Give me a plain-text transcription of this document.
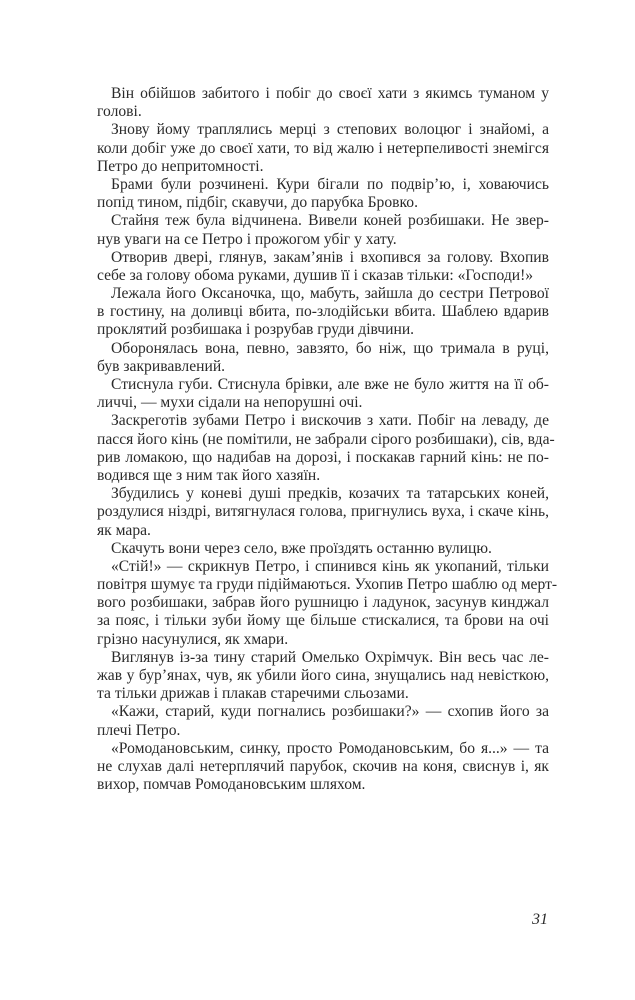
Він обійшов забитого і побіг до своєї хати з якимсь туманом у
голові.
Знову йому траплялись мерці з степових волоцюг і знайомі, а
коли добіг уже до своєї хати, то від жалю і нетерпеливості знемігся
Петро до непритомності.
Брами були розчинені. Кури бігали по подвір’ю, і, ховаючись
попід тином, підбіг, скавучи, до парубка Бровко.
Стайня теж була відчинена. Вивели коней розбишаки. Не звер-
нув уваги на се Петро і прожогом убіг у хату.
Отворив двері, глянув, закам’янів і вхопився за голову. Вхопив
себе за голову обома руками, душив її і сказав тільки: «Господи!»
Лежала його Оксаночка, що, мабуть, зайшла до сестри Петрової
в гостину, на доливці вбита, по-злодійськи вбита. Шаблею вдарив
проклятий розбишака і розрубав груди дівчини.
Оборонялась вона, певно, завзято, бо ніж, що тримала в руці,
був закривавлений.
Стиснула губи. Стиснула брівки, але вже не було життя на її об-
личчі, — мухи сідали на непорушні очі.
Заскреготів зубами Петро і вискочив з хати. Побіг на леваду, де
пасся його кінь (не помітили, не забрали сірого розбишаки), сів, вда-
рив ломакою, що надибав на дорозі, і поскакав гарний кінь: не по-
водився ще з ним так його хазяїн.
Збудились у коневі душі предків, козачих та татарських коней,
роздулися ніздрі, витягнулася голова, пригнулись вуха, і скаче кінь,
як мара.
Скачуть вони через село, вже проїздять останню вулицю.
«Стій!» — скрикнув Петро, і спинився кінь як укопаний, тільки
повітря шумує та груди підіймаються. Ухопив Петро шаблю од мерт-
вого розбишаки, забрав його рушницю і ладунок, засунув кинджал
за пояс, і тільки зуби йому ще більше стискалися, та брови на очі
грізно насунулися, як хмари.
Виглянув із-за тину старий Омелько Охрімчук. Він весь час ле-
жав у бур’янах, чув, як убили його сина, знущались над невісткою,
та тільки дрижав і плакав старечими сльозами.
«Кажи, старий, куди погнались розбишаки?» — схопив його за
плечі Петро.
«Ромодановським, синку, просто Ромодановським, бо я...» — та
не слухав далі нетерплячий парубок, скочив на коня, свиснув і, як
вихор, помчав Ромодановським шляхом.
31
